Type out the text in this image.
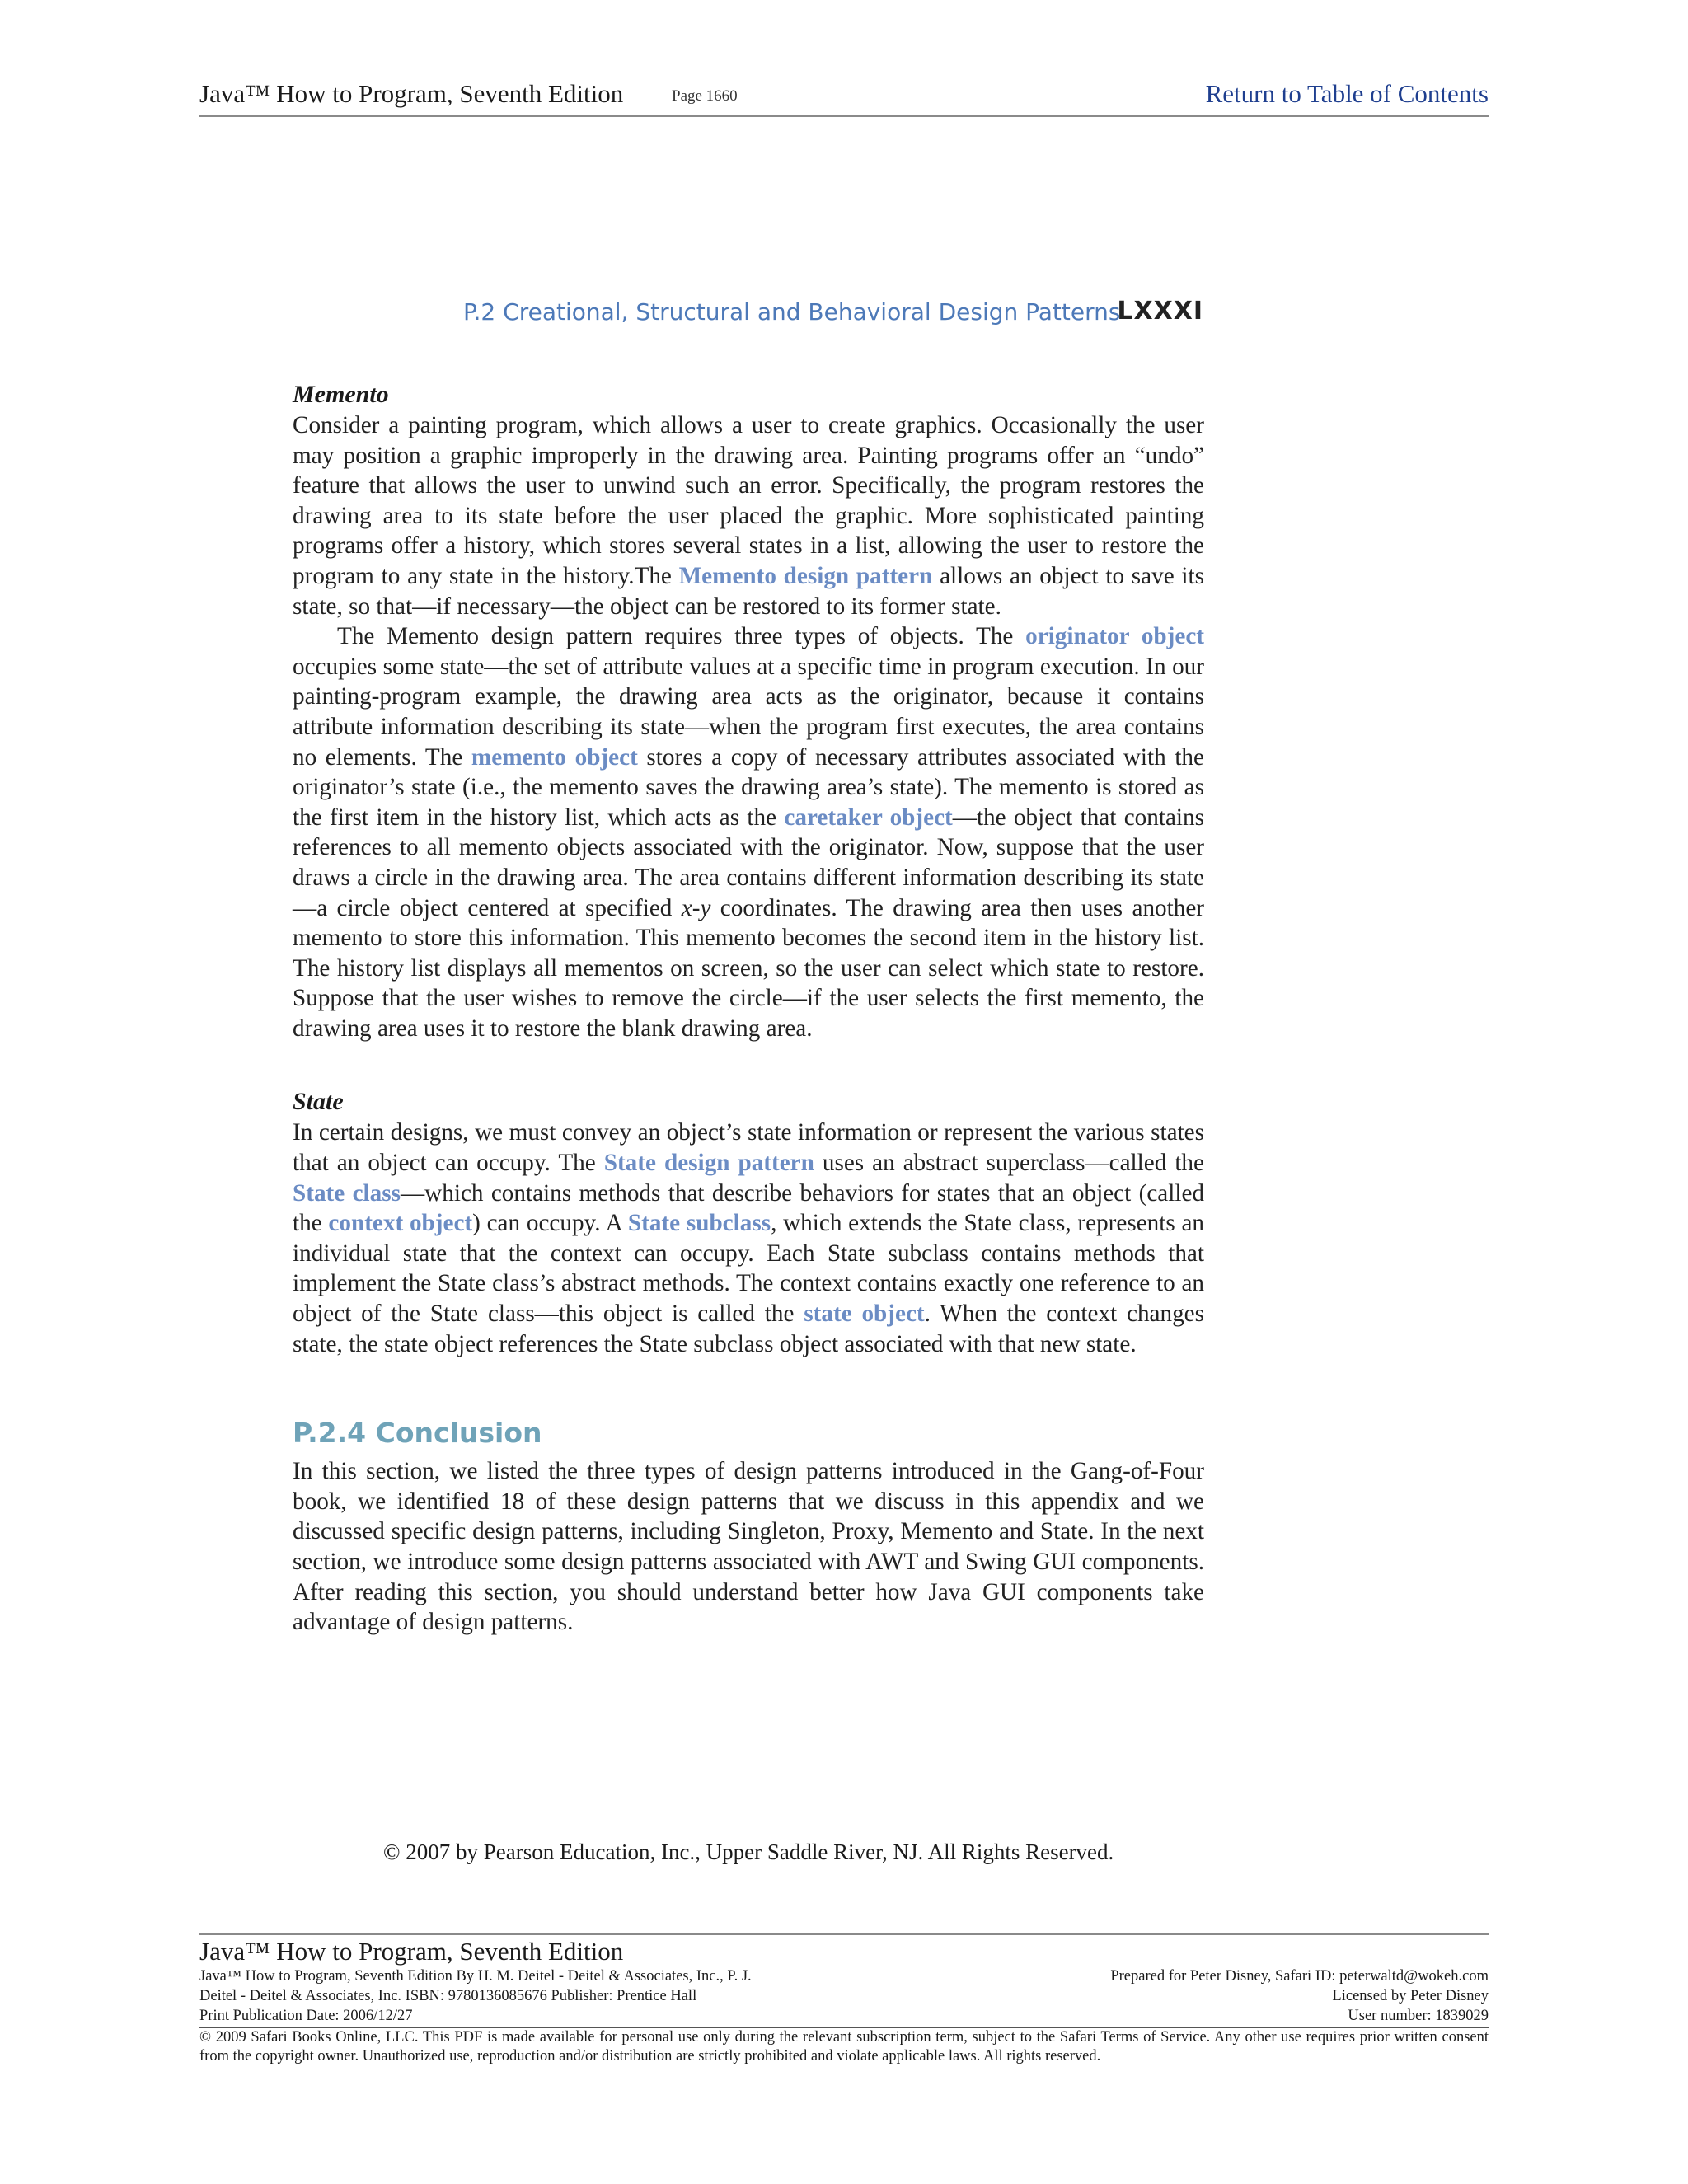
Java™ How to Program, Seventh Edition	Page 1660	Return to Table of Contents
P.2 Creational, Structural and Behavioral Design Patterns
LXXXI
Memento

Consider a painting program, which allows a user to create graphics. Occasionally the user may position a graphic improperly in the drawing area. Painting programs offer an “undo” feature that allows the user to unwind such an error. Specifically, the program restores the drawing area to its state before the user placed the graphic. More sophisticated painting programs offer a history, which stores several states in a list, allowing the user to restore the program to any state in the history.The Memento design pattern allows an object to save its state, so that—if necessary—the object can be restored to its former state.

The Memento design pattern requires three types of objects. The originator object occupies some state—the set of attribute values at a specific time in program execution. In our painting-program example, the drawing area acts as the originator, because it contains attribute information describing its state—when the program first executes, the area contains no elements. The memento object stores a copy of necessary attributes associated with the originator’s state (i.e., the memento saves the drawing area’s state). The memento is stored as the first item in the history list, which acts as the caretaker object—the object that contains references to all memento objects associated with the originator. Now, suppose that the user draws a circle in the drawing area. The area contains different information describing its state—a circle object centered at specified x-y coordinates. The drawing area then uses another memento to store this information. This memento becomes the second item in the history list. The history list displays all mementos on screen, so the user can select which state to restore. Suppose that the user wishes to remove the circle—if the user selects the first memento, the drawing area uses it to restore the blank drawing area.

State

In certain designs, we must convey an object’s state information or represent the various states that an object can occupy. The State design pattern uses an abstract superclass—called the State class—which contains methods that describe behaviors for states that an object (called the context object) can occupy. A State subclass, which extends the State class, represents an individual state that the context can occupy. Each State subclass contains methods that implement the State class’s abstract methods. The context contains exactly one reference to an object of the State class—this object is called the state object. When the context changes state, the state object references the State subclass object associated with that new state.

P.2.4 Conclusion

In this section, we listed the three types of design patterns introduced in the Gang-of-Four book, we identified 18 of these design patterns that we discuss in this appendix and we discussed specific design patterns, including Singleton, Proxy, Memento and State. In the next section, we introduce some design patterns associated with AWT and Swing GUI components. After reading this section, you should understand better how Java GUI components take advantage of design patterns.

© 2007 by Pearson Education, Inc., Upper Saddle River, NJ. All Rights Reserved.
Java™ How to Program, Seventh Edition
Java™ How to Program, Seventh Edition By H. M. Deitel - Deitel & Associates, Inc., P. J.	Prepared for Peter Disney, Safari ID: peterwaltd@wokeh.com
Deitel - Deitel & Associates, Inc. ISBN: 9780136085676 Publisher: Prentice Hall	Licensed by Peter Disney
Print Publication Date: 2006/12/27	User number: 1839029
© 2009 Safari Books Online, LLC. This PDF is made available for personal use only during the relevant subscription term, subject to the Safari Terms of Service. Any other use requires prior written consent from the copyright owner. Unauthorized use, reproduction and/or distribution are strictly prohibited and violate applicable laws. All rights reserved.
